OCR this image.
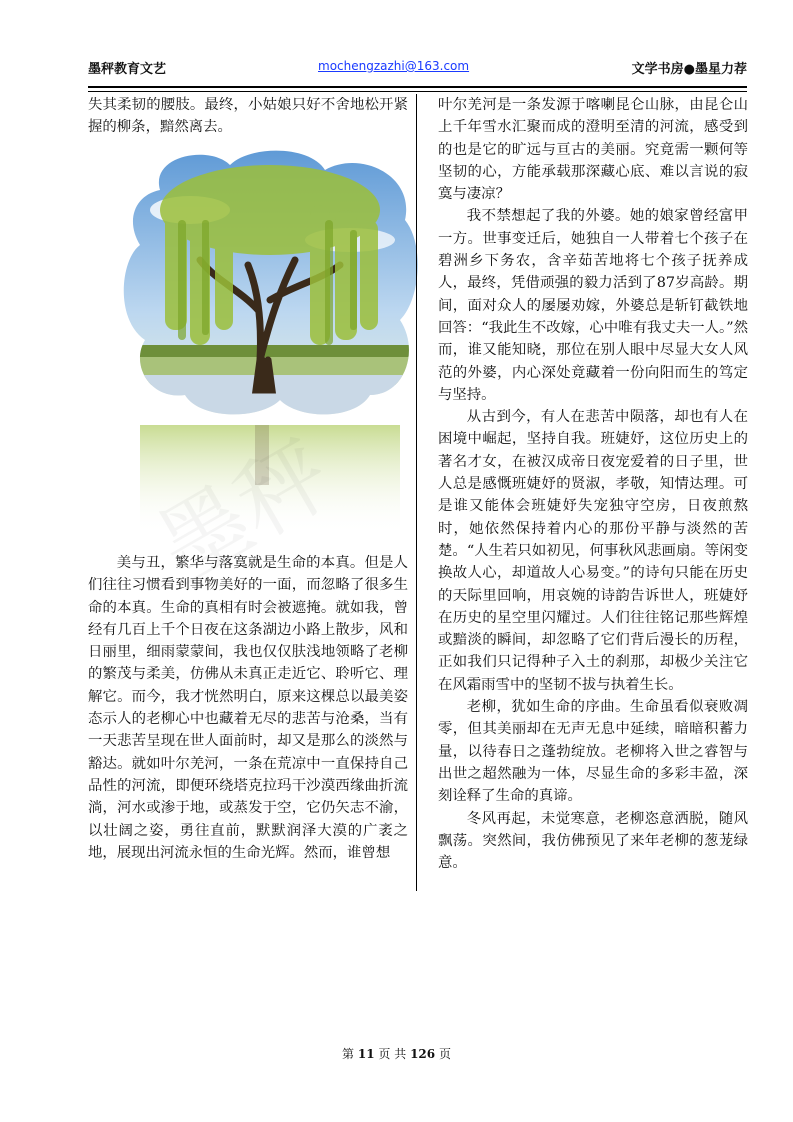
墨秤教育文艺	mochengzazhi@163.com	文学书房●墨星力荐

失其柔韧的腰肢。最终，小姑娘只好不舍地松开紧握的柳条，黯然离去。

美与丑，繁华与落寞就是生命的本真。但是人们往往习惯看到事物美好的一面，而忽略了很多生命的本真。生命的真相有时会被遮掩。就如我，曾经有几百上千个日夜在这条湖边小路上散步，风和日丽里，细雨蒙蒙间，我也仅仅肤浅地领略了老柳的繁茂与柔美，仿佛从未真正走近它、聆听它、理解它。而今，我才恍然明白，原来这棵总以最美姿态示人的老柳心中也藏着无尽的悲苦与沧桑，当有一天悲苦呈现在世人面前时，却又是那么的淡然与豁达。就如叶尔羌河，一条在荒凉中一直保持自己品性的河流，即便环绕塔克拉玛干沙漠西缘曲折流淌，河水或渗于地，或蒸发于空，它仍矢志不渝，以壮阔之姿，勇往直前，默默润泽大漠的广袤之地，展现出河流永恒的生命光辉。然而，谁曾想

叶尔羌河是一条发源于喀喇昆仑山脉，由昆仑山上千年雪水汇聚而成的澄明至清的河流，感受到的也是它的旷远与亘古的美丽。究竟需一颗何等坚韧的心，方能承载那深藏心底、难以言说的寂寞与凄凉？

我不禁想起了我的外婆。她的娘家曾经富甲一方。世事变迁后，她独自一人带着七个孩子在碧洲乡下务农，含辛茹苦地将七个孩子抚养成人，最终，凭借顽强的毅力活到了87岁高龄。期间，面对众人的屡屡劝嫁，外婆总是斩钉截铁地回答：“我此生不改嫁，心中唯有我丈夫一人。”然而，谁又能知晓，那位在别人眼中尽显大女人风范的外婆，内心深处竟藏着一份向阳而生的笃定与坚持。

从古到今，有人在悲苦中陨落，却也有人在困境中崛起，坚持自我。班婕妤，这位历史上的著名才女，在被汉成帝日夜宠爱着的日子里，世人总是感慨班婕妤的贤淑，孝敬，知情达理。可是谁又能体会班婕妤失宠独守空房，日夜煎熬时，她依然保持着内心的那份平静与淡然的苦楚。“人生若只如初见，何事秋风悲画扇。等闲变换故人心，却道故人心易变。”的诗句只能在历史的天际里回响，用哀婉的诗韵告诉世人，班婕妤在历史的星空里闪耀过。人们往往铭记那些辉煌或黯淡的瞬间，却忽略了它们背后漫长的历程，正如我们只记得种子入土的刹那，却极少关注它在风霜雨雪中的坚韧不拔与执着生长。

老柳，犹如生命的序曲。生命虽看似衰败凋零，但其美丽却在无声无息中延续，暗暗积蓄力量，以待春日之蓬勃绽放。老柳将入世之睿智与出世之超然融为一体，尽显生命的多彩丰盈，深刻诠释了生命的真谛。

冬风再起，未觉寒意，老柳恣意洒脱，随风飘荡。突然间，我仿佛预见了来年老柳的葱茏绿意。

第 11 页 共 126 页
